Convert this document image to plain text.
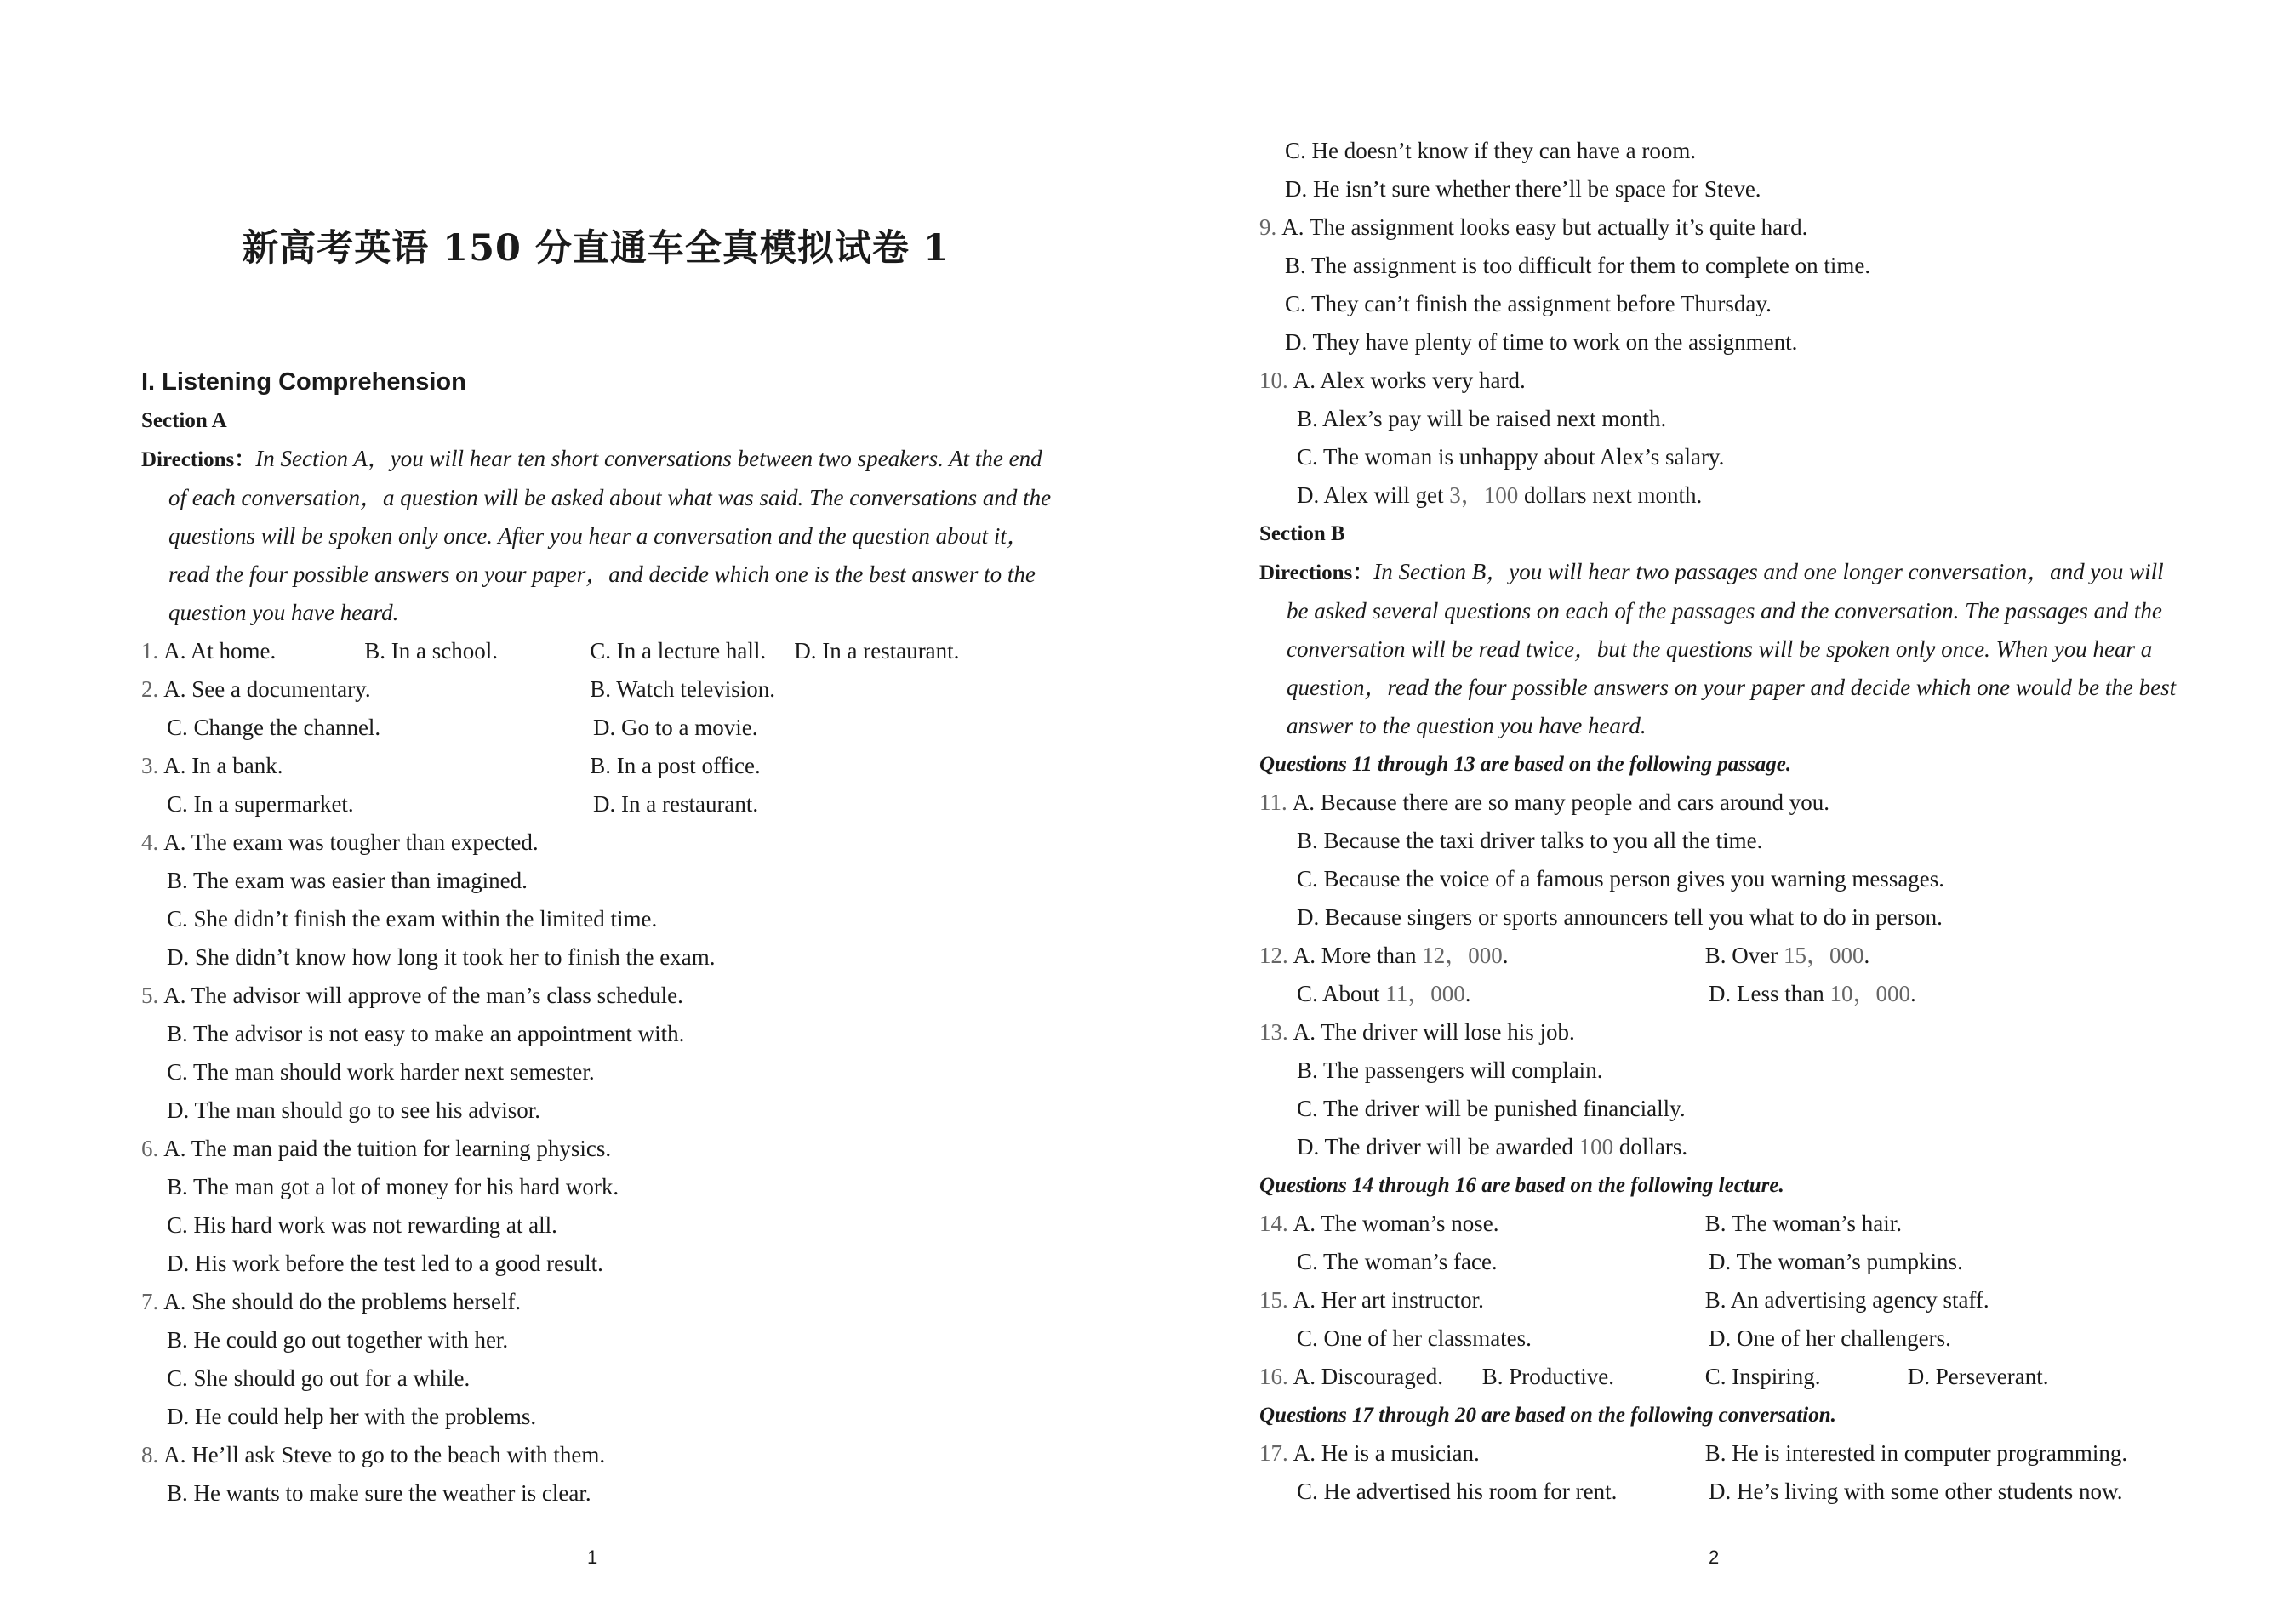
新高考英语 150 分直通车全真模拟试卷 1
I. Listening Comprehension
Section A
Directions：In Section A，you will hear ten short conversations between two speakers. At the end
of each conversation，a question will be asked about what was said. The conversations and the
questions will be spoken only once. After you hear a conversation and the question about it，
read the four possible answers on your paper，and decide which one is the best answer to the
question you have heard.
1. A. At home.	B. In a school.	C. In a lecture hall.	D. In a restaurant.
2. A. See a documentary.	B. Watch television.
C. Change the channel.	D. Go to a movie.
3. A. In a bank.	B. In a post office.
C. In a supermarket.	D. In a restaurant.
4. A. The exam was tougher than expected.
B. The exam was easier than imagined.
C. She didn’t finish the exam within the limited time.
D. She didn’t know how long it took her to finish the exam.
5. A. The advisor will approve of the man’s class schedule.
B. The advisor is not easy to make an appointment with.
C. The man should work harder next semester.
D. The man should go to see his advisor.
6. A. The man paid the tuition for learning physics.
B. The man got a lot of money for his hard work.
C. His hard work was not rewarding at all.
D. His work before the test led to a good result.
7. A. She should do the problems herself.
B. He could go out together with her.
C. She should go out for a while.
D. He could help her with the problems.
8. A. He’ll ask Steve to go to the beach with them.
B. He wants to make sure the weather is clear.
1	2
C. He doesn’t know if they can have a room.
D. He isn’t sure whether there’ll be space for Steve.
9. A. The assignment looks easy but actually it’s quite hard.
B. The assignment is too difficult for them to complete on time.
C. They can’t finish the assignment before Thursday.
D. They have plenty of time to work on the assignment.
10. A. Alex works very hard.
B. Alex’s pay will be raised next month.
C. The woman is unhappy about Alex’s salary.
D. Alex will get
3，100
dollars next month.
Section B
Directions：In Section B，you will hear two passages and one longer conversation，and you will
be asked several questions on each of the passages and the conversation. The passages and the
conversation will be read twice，but the questions will be spoken only once. When you hear a
question，read the four possible answers on your paper and decide which one would be the best
answer to the question you have heard.
Questions 11 through 13 are based on the following passage.
11. A. Because there are so many people and cars around you.
B. Because the taxi driver talks to you all the time.
C. Because the voice of a famous person gives you warning messages.
D. Because singers or sports announcers tell you what to do in person.
12. A. More than 12，000.	B. Over 15，000.
C. About 11，000.	D. Less than 10，000.
13. A. The driver will lose his job.
B. The passengers will complain.
C. The driver will be punished financially.
D. The driver will be awarded
100
dollars.
Questions 14 through 16 are based on the following lecture.
14. A. The woman’s nose.	B. The woman’s hair.
C. The woman’s face.	D. The woman’s pumpkins.
15. A. Her art instructor.	B. An advertising agency staff.
C. One of her classmates.	D. One of her challengers.
16. A. Discouraged.	B. Productive.	C. Inspiring.	D. Perseverant.
Questions 17 through 20 are based on the following conversation.
17. A. He is a musician.	B. He is interested in computer programming.
C. He advertised his room for rent.	D. He’s living with some other students now.
